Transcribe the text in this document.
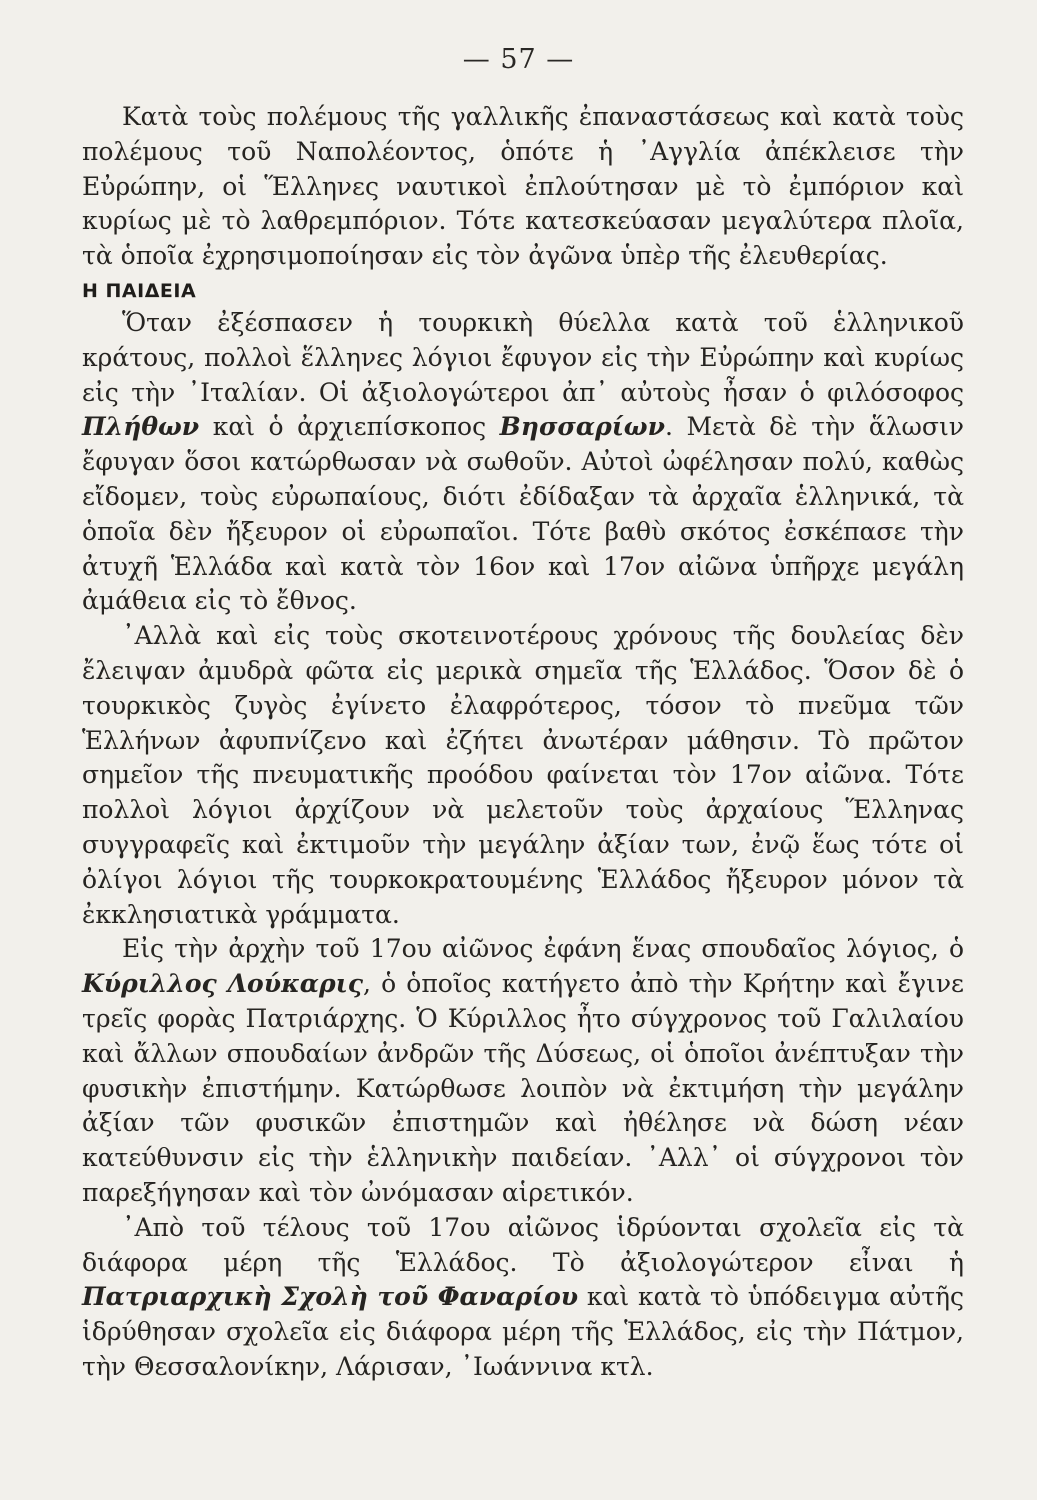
— 57 —

Κατὰ τοὺς πολέμους τῆς γαλλικῆς ἐπαναστάσεως καὶ κατὰ τοὺς πολέμους τοῦ Ναπολέοντος, ὁπότε ἡ ᾿Αγγλία ἀπέκλεισε τὴν Εὐρώπην, οἱ Ἕλληνες ναυτικοὶ ἐπλούτησαν μὲ τὸ ἐμπόριον καὶ κυρίως μὲ τὸ λαθρεμπόριον. Τότε κατεσκεύασαν μεγαλύτερα πλοῖα, τὰ ὁποῖα ἐχρησιμοποίησαν εἰς τὸν ἀγῶνα ὑπὲρ τῆς ἐλευθερίας.

Η ΠΑΙΔΕΙΑ

Ὅταν ἐξέσπασεν ἡ τουρκικὴ θύελλα κατὰ τοῦ ἑλληνικοῦ κράτους, πολλοὶ ἕλληνες λόγιοι ἔφυγον εἰς τὴν Εὐρώπην καὶ κυρίως εἰς τὴν ᾿Ιταλίαν. Οἱ ἀξιολογώτεροι ἀπ᾿ αὐτοὺς ἦσαν ὁ φιλόσοφος Πλήθων καὶ ὁ ἀρχιεπίσκοπος Βησσαρίων. Μετὰ δὲ τὴν ἅλωσιν ἔφυγαν ὅσοι κατώρθωσαν νὰ σωθοῦν. Αὐτοὶ ὠφέλησαν πολύ, καθὼς εἴδομεν, τοὺς εὐρωπαίους, διότι ἐδίδαξαν τὰ ἀρχαῖα ἑλληνικά, τὰ ὁποῖα δὲν ἤξευρον οἱ εὐρωπαῖοι. Τότε βαθὺ σκότος ἐσκέπασε τὴν ἀτυχῆ Ἑλλάδα καὶ κατὰ τὸν 16ον καὶ 17ον αἰῶνα ὑπῆρχε μεγάλη ἀμάθεια εἰς τὸ ἔθνος.

᾿Αλλὰ καὶ εἰς τοὺς σκοτεινοτέρους χρόνους τῆς δουλείας δὲν ἔλειψαν ἀμυδρὰ φῶτα εἰς μερικὰ σημεῖα τῆς Ἑλλάδος. Ὅσον δὲ ὁ τουρκικὸς ζυγὸς ἐγίνετο ἐλαφρότερος, τόσον τὸ πνεῦμα τῶν Ἑλλήνων ἀφυπνίζενο καὶ ἐζήτει ἀνωτέραν μάθησιν. Τὸ πρῶτον σημεῖον τῆς πνευματικῆς προόδου φαίνεται τὸν 17ον αἰῶνα. Τότε πολλοὶ λόγιοι ἀρχίζουν νὰ μελετοῦν τοὺς ἀρχαίους Ἕλληνας συγγραφεῖς καὶ ἐκτιμοῦν τὴν μεγάλην ἀξίαν των, ἐνῷ ἕως τότε οἱ ὀλίγοι λόγιοι τῆς τουρκοκρατουμένης Ἑλλάδος ἤξευρον μόνον τὰ ἐκκλησιατικὰ γράμματα.

Εἰς τὴν ἀρχὴν τοῦ 17ου αἰῶνος ἐφάνη ἕνας σπουδαῖος λόγιος, ὁ Κύριλλος Λούκαρις, ὁ ὁποῖος κατήγετο ἀπὸ τὴν Κρήτην καὶ ἔγινε τρεῖς φορὰς Πατριάρχης. Ὁ Κύριλλος ἦτο σύγχρονος τοῦ Γαλιλαίου καὶ ἄλλων σπουδαίων ἀνδρῶν τῆς Δύσεως, οἱ ὁποῖοι ἀνέπτυξαν τὴν φυσικὴν ἐπιστήμην. Κατώρθωσε λοιπὸν νὰ ἐκτιμήση τὴν μεγάλην ἀξίαν τῶν φυσικῶν ἐπιστημῶν καὶ ἠθέλησε νὰ δώση νέαν κατεύθυνσιν εἰς τὴν ἑλληνικὴν παιδείαν. ᾿Αλλ᾿ οἱ σύγχρονοι τὸν παρεξήγησαν καὶ τὸν ὠνόμασαν αἱρετικόν.

᾿Απὸ τοῦ τέλους τοῦ 17ου αἰῶνος ἱδρύονται σχολεῖα εἰς τὰ διάφορα μέρη τῆς Ἑλλάδος. Τὸ ἀξιολογώτερον εἶναι ἡ Πατριαρχικὴ Σχολὴ τοῦ Φαναρίου καὶ κατὰ τὸ ὑπόδειγμα αὐτῆς ἱδρύθησαν σχολεῖα εἰς διάφορα μέρη τῆς Ἑλλάδος, εἰς τὴν Πάτμον, τὴν Θεσσαλονίκην, Λάρισαν, ᾿Ιωάννινα κτλ.
